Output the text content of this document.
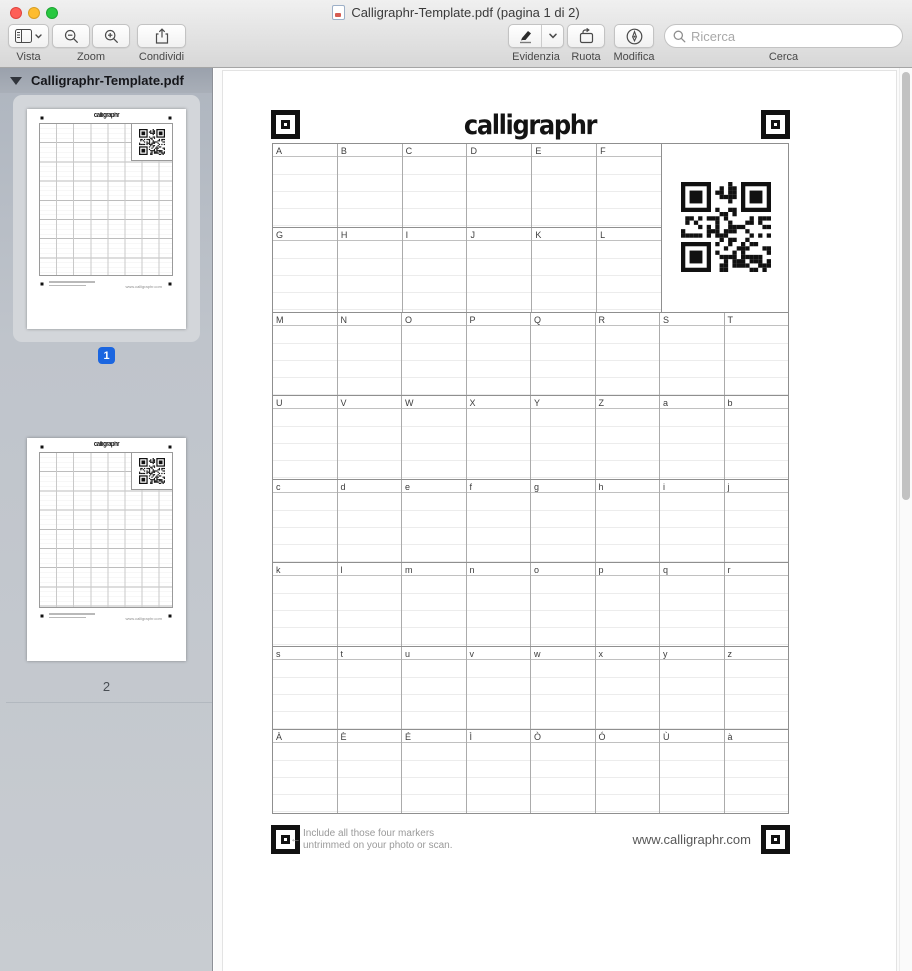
Calligraphr-Template.pdf (pagina 1 di 2)
Vista	Zoom	Condividi	Evidenzia	Ruota	Modifica
Ricerca	Cerca
Calligraphr-Template.pdf
calligraphr
www.calligraphr.com
1
calligraphr
www.calligraphr.com
2
calligraphr
A	B	C	D	E	F
G	H	I	J	K	L
M	N	O	P	Q	R	S	T
U	V	W	X	Y	Z	a	b
c	d	e	f	g	h	i	j
k	l	m	n	o	p	q	r
s	t	u	v	w	x	y	z
À	È	É	Ì	Ò	Ó	Ù	à
← Include all those four markers
untrimmed on your photo or scan.	www.calligraphr.com
